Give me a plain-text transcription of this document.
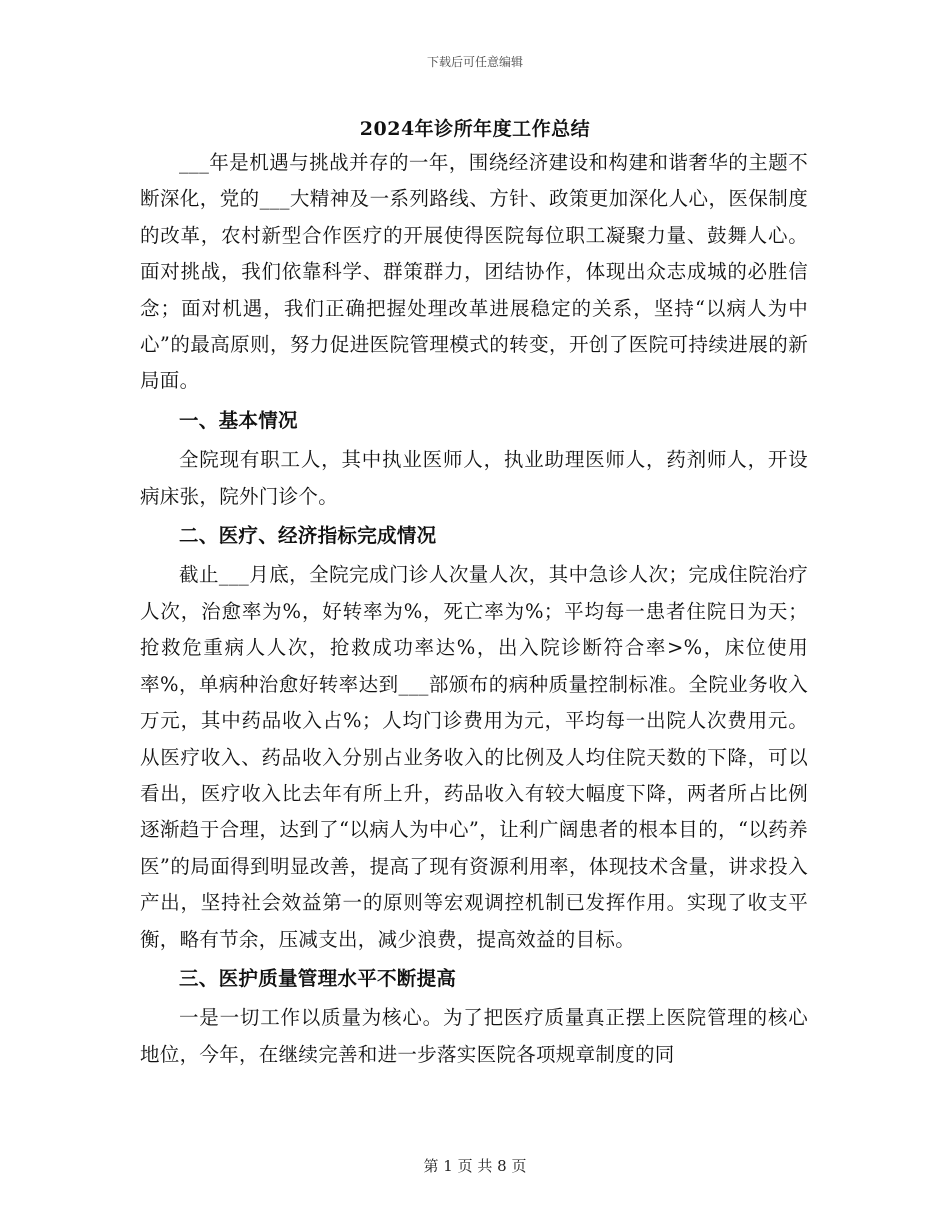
下载后可任意编辑
2024年诊所年度工作总结

___年是机遇与挑战并存的一年，围绕经济建设和构建和谐奢华的主题不断深化，党的___大精神及一系列路线、方针、政策更加深化人心，医保制度的改革，农村新型合作医疗的开展使得医院每位职工凝聚力量、鼓舞人心。面对挑战，我们依靠科学、群策群力，团结协作，体现出众志成城的必胜信念；面对机遇，我们正确把握处理改革进展稳定的关系，坚持“以病人为中心”的最高原则，努力促进医院管理模式的转变，开创了医院可持续进展的新局面。

一、基本情况

全院现有职工人，其中执业医师人，执业助理医师人，药剂师人，开设病床张，院外门诊个。

二、医疗、经济指标完成情况

截止___月底，全院完成门诊人次量人次，其中急诊人次；完成住院治疗人次，治愈率为%，好转率为%，死亡率为%；平均每一患者住院日为天；抢救危重病人人次，抢救成功率达%，出入院诊断符合率>%，床位使用率%，单病种治愈好转率达到___部颁布的病种质量控制标准。全院业务收入万元，其中药品收入占%；人均门诊费用为元，平均每一出院人次费用元。从医疗收入、药品收入分别占业务收入的比例及人均住院天数的下降，可以看出，医疗收入比去年有所上升，药品收入有较大幅度下降，两者所占比例逐渐趋于合理，达到了“以病人为中心”，让利广阔患者的根本目的，“以药养医”的局面得到明显改善，提高了现有资源利用率，体现技术含量，讲求投入产出，坚持社会效益第一的原则等宏观调控机制已发挥作用。实现了收支平衡，略有节余，压减支出，减少浪费，提高效益的目标。

三、医护质量管理水平不断提高

一是一切工作以质量为核心。为了把医疗质量真正摆上医院管理的核心地位，今年，在继续完善和进一步落实医院各项规章制度的同

第 1 页 共 8 页
